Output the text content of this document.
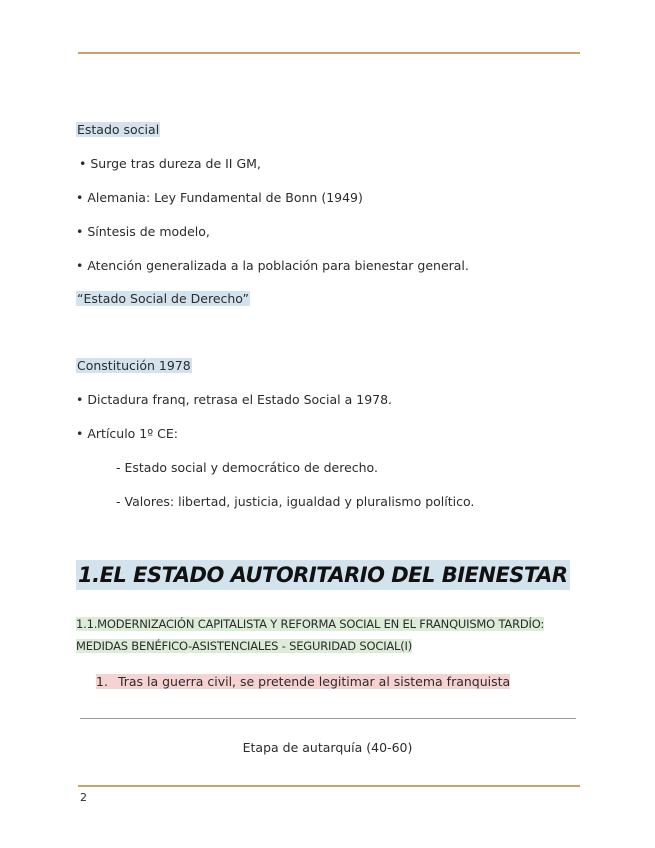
Estado social
• Surge tras dureza de II GM,
• Alemania: Ley Fundamental de Bonn (1949)
• Síntesis de modelo,
• Atención generalizada a la población para bienestar general.
“Estado Social de Derecho”
Constitución 1978
• Dictadura franq, retrasa el Estado Social a 1978.
• Artículo 1º CE:
- Estado social y democrático de derecho.
- Valores: libertad, justicia, igualdad y pluralismo político.
1.EL ESTADO AUTORITARIO DEL BIENESTAR
1.1.MODERNIZACIÓN CAPITALISTA Y REFORMA SOCIAL EN EL FRANQUISMO TARDÍO:
MEDIDAS BENÉFICO-ASISTENCIALES - SEGURIDAD SOCIAL(I)
1. Tras la guerra civil, se pretende legitimar al sistema franquista
Etapa de autarquía (40-60)
2
